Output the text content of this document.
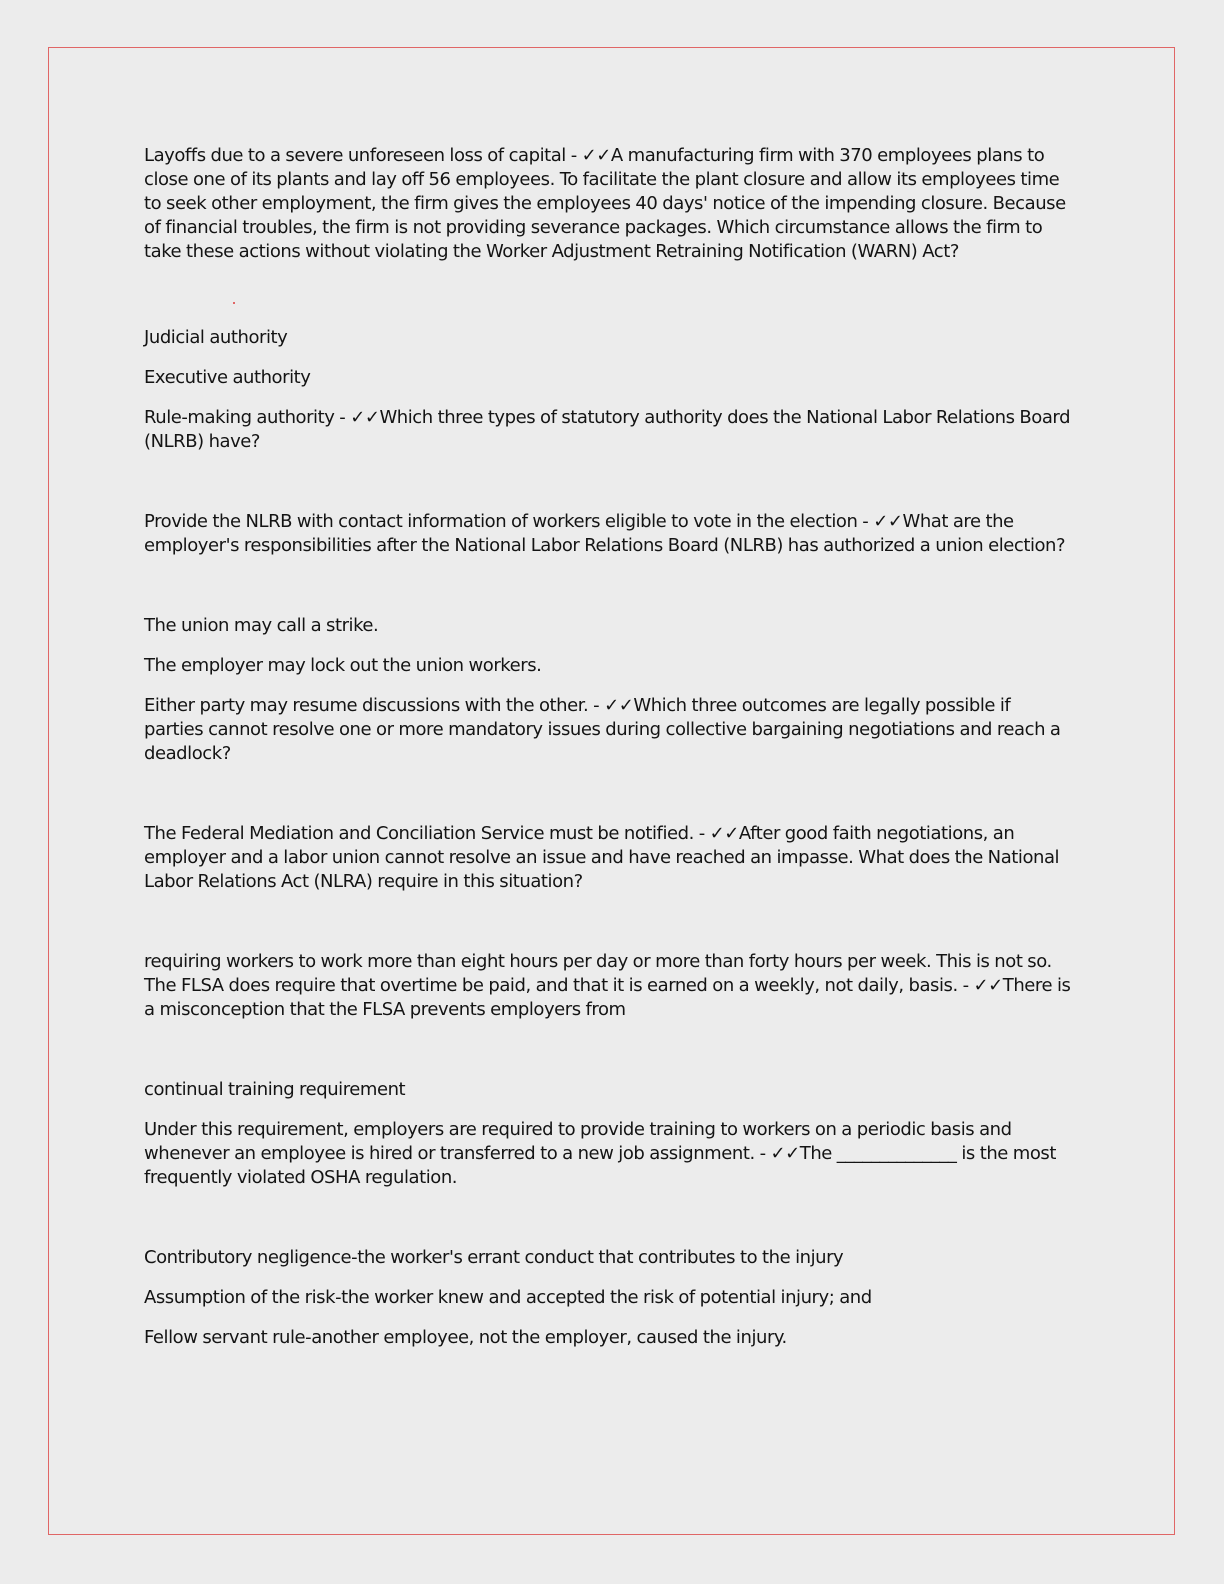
Layoffs due to a severe unforeseen loss of capital - ✓✓A manufacturing firm with 370 employees plans to close one of its plants and lay off 56 employees. To facilitate the plant closure and allow its employees time to seek other employment, the firm gives the employees 40 days' notice of the impending closure. Because of financial troubles, the firm is not providing severance packages. Which circumstance allows the firm to take these actions without violating the Worker Adjustment Retraining Notification (WARN) Act?

Judicial authority

Executive authority

Rule-making authority - ✓✓Which three types of statutory authority does the National Labor Relations Board (NLRB) have?

Provide the NLRB with contact information of workers eligible to vote in the election - ✓✓What are the employer's responsibilities after the National Labor Relations Board (NLRB) has authorized a union election?

The union may call a strike.

The employer may lock out the union workers.

Either party may resume discussions with the other. - ✓✓Which three outcomes are legally possible if parties cannot resolve one or more mandatory issues during collective bargaining negotiations and reach a deadlock?

The Federal Mediation and Conciliation Service must be notified. - ✓✓After good faith negotiations, an employer and a labor union cannot resolve an issue and have reached an impasse. What does the National Labor Relations Act (NLRA) require in this situation?

requiring workers to work more than eight hours per day or more than forty hours per week. This is not so. The FLSA does require that overtime be paid, and that it is earned on a weekly, not daily, basis. - ✓✓There is a misconception that the FLSA prevents employers from

continual training requirement

Under this requirement, employers are required to provide training to workers on a periodic basis and whenever an employee is hired or transferred to a new job assignment. - ✓✓The ______________ is the most frequently violated OSHA regulation.

Contributory negligence-the worker's errant conduct that contributes to the injury

Assumption of the risk-the worker knew and accepted the risk of potential injury; and

Fellow servant rule-another employee, not the employer, caused the injury.
